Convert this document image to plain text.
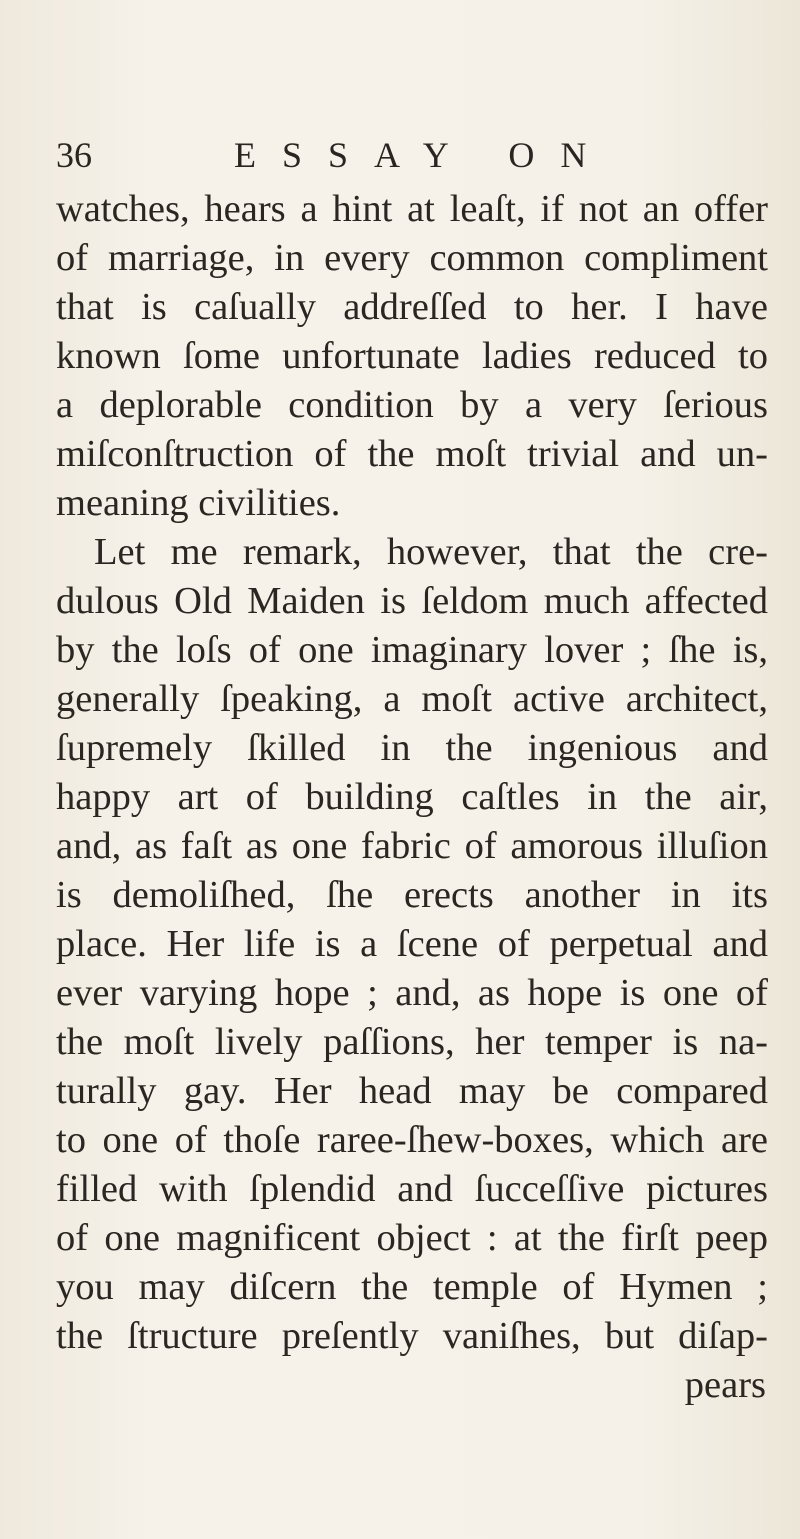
36	ESSAY ON
watches, hears a hint at leaſt, if not an offer
of marriage, in every common compliment
that is caſually addreſſed to her. I have
known ſome unfortunate ladies reduced to
a deplorable condition by a very ſerious
miſconſtruction of the moſt trivial and un-
meaning civilities.
Let me remark, however, that the cre-
dulous Old Maiden is ſeldom much affected
by the loſs of one imaginary lover ; ſhe is,
generally ſpeaking, a moſt active architect,
ſupremely ſkilled in the ingenious and
happy art of building caſtles in the air,
and, as faſt as one fabric of amorous illuſion
is demoliſhed, ſhe erects another in its
place. Her life is a ſcene of perpetual and
ever varying hope ; and, as hope is one of
the moſt lively paſſions, her temper is na-
turally gay. Her head may be compared
to one of thoſe raree-ſhew-boxes, which are
filled with ſplendid and ſucceſſive pictures
of one magnificent object : at the firſt peep
you may diſcern the temple of Hymen ;
the ſtructure preſently vaniſhes, but diſap-
pears
